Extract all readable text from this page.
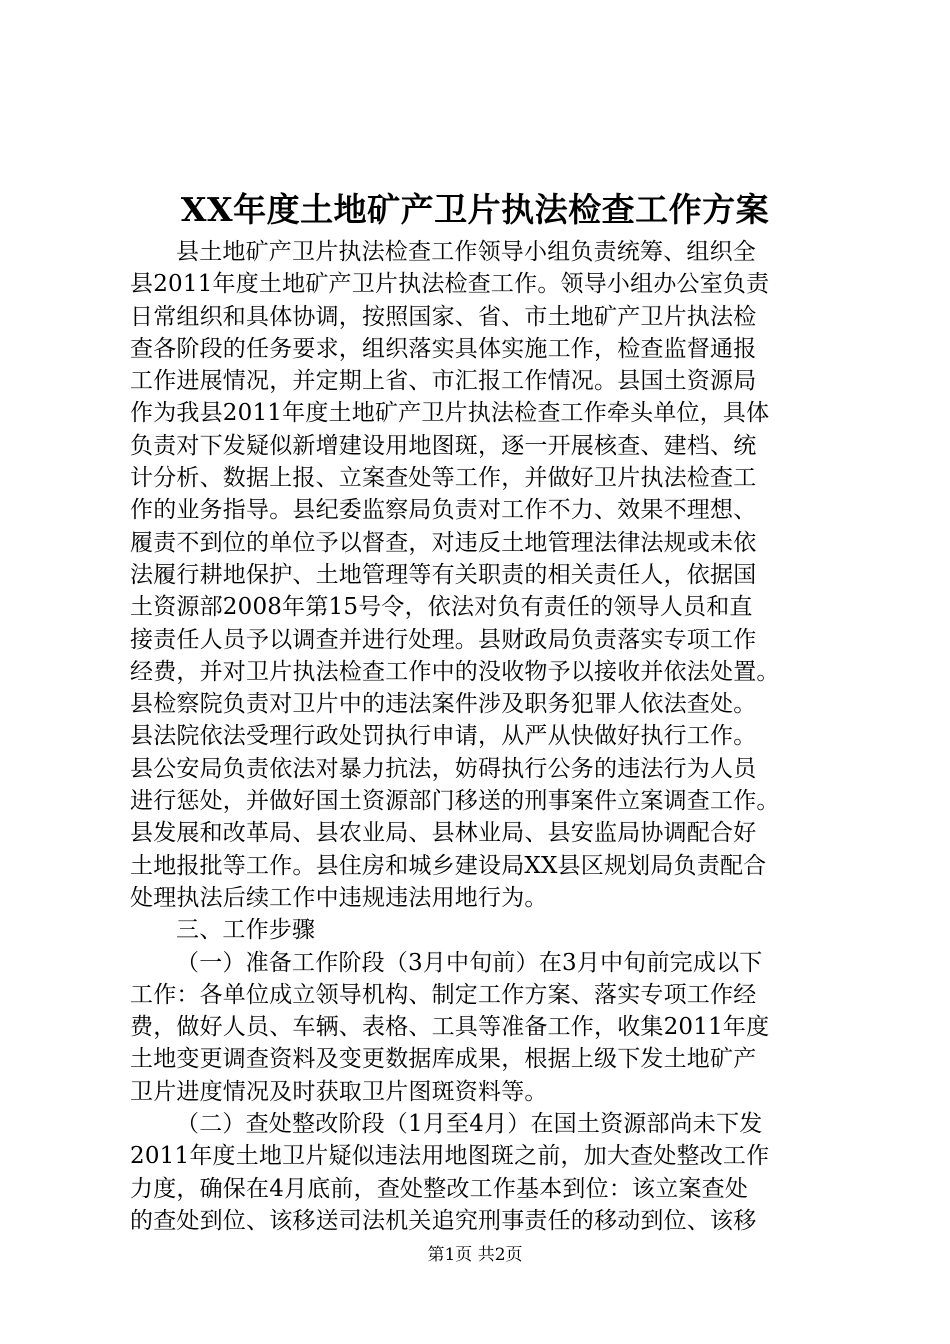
XX年度土地矿产卫片执法检查工作方案
县土地矿产卫片执法检查工作领导小组负责统筹、组织全
县2011年度土地矿产卫片执法检查工作。领导小组办公室负责
日常组织和具体协调，按照国家、省、市土地矿产卫片执法检
查各阶段的任务要求，组织落实具体实施工作，检查监督通报
工作进展情况，并定期上省、市汇报工作情况。县国土资源局
作为我县2011年度土地矿产卫片执法检查工作牵头单位，具体
负责对下发疑似新增建设用地图斑，逐一开展核查、建档、统
计分析、数据上报、立案查处等工作，并做好卫片执法检查工
作的业务指导。县纪委监察局负责对工作不力、效果不理想、
履责不到位的单位予以督查，对违反土地管理法律法规或未依
法履行耕地保护、土地管理等有关职责的相关责任人，依据国
土资源部2008年第15号令，依法对负有责任的领导人员和直
接责任人员予以调查并进行处理。县财政局负责落实专项工作
经费，并对卫片执法检查工作中的没收物予以接收并依法处置。
县检察院负责对卫片中的违法案件涉及职务犯罪人依法查处。
县法院依法受理行政处罚执行申请，从严从快做好执行工作。
县公安局负责依法对暴力抗法，妨碍执行公务的违法行为人员
进行惩处，并做好国土资源部门移送的刑事案件立案调查工作。
县发展和改革局、县农业局、县林业局、县安监局协调配合好
土地报批等工作。县住房和城乡建设局XX县区规划局负责配合
处理执法后续工作中违规违法用地行为。
三、工作步骤
（一）准备工作阶段（3月中旬前）在3月中旬前完成以下
工作：各单位成立领导机构、制定工作方案、落实专项工作经
费，做好人员、车辆、表格、工具等准备工作，收集2011年度
土地变更调查资料及变更数据库成果，根据上级下发土地矿产
卫片进度情况及时获取卫片图斑资料等。
（二）查处整改阶段（1月至4月）在国土资源部尚未下发
2011年度土地卫片疑似违法用地图斑之前，加大查处整改工作
力度，确保在4月底前，查处整改工作基本到位：该立案查处
的查处到位、该移送司法机关追究刑事责任的移动到位、该移
第1页 共2页
